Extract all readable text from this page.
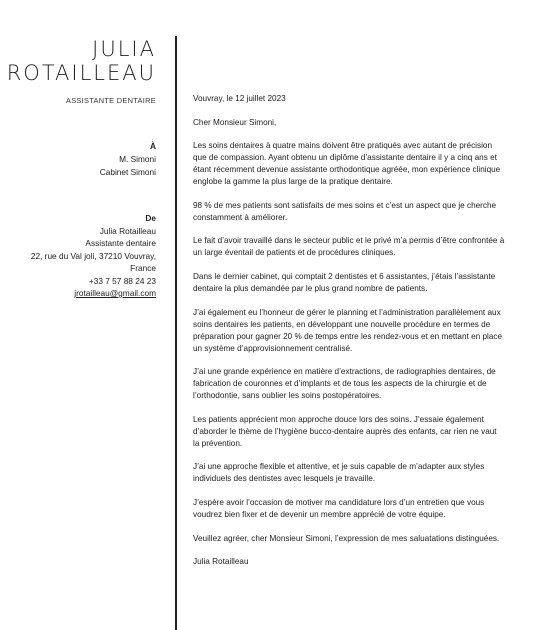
JULIA
ROTAILLEAU
ASSISTANTE DENTAIRE
À
M. Simoni
Cabinet Simoni
De
Julia Rotailleau
Assistante dentaire
22, rue du Val joli, 37210 Vouvray,
France
+33 7 57 88 24 23
jrotailleau@gmail.com

Vouvray, le 12 juillet 2023

Cher Monsieur Simoni,

Les soins dentaires à quatre mains doivent être pratiqués avec autant de précision que de compassion. Ayant obtenu un diplôme d’assistante dentaire il y a cinq ans et étant récemment devenue assistante orthodontique agréée, mon expérience clinique englobe la gamme la plus large de la pratique dentaire.

98 % de mes patients sont satisfaits de mes soins et c’est un aspect que je cherche constamment à améliorer.

Le fait d’avoir travaillé dans le secteur public et le privé m’a permis d’être confrontée à un large éventail de patients et de procédures cliniques.

Dans le dernier cabinet, qui comptait 2 dentistes et 6 assistantes, j’étais l’assistante dentaire la plus demandée par le plus grand nombre de patients.

J’ai également eu l’honneur de gérer le planning et l’administration parallèlement aux soins dentaires les patients, en développant une nouvelle procédure en termes de préparation pour gagner 20 % de temps entre les rendez-vous et en mettant en place un système d’approvisionnement centralisé.

J’ai une grande expérience en matière d’extractions, de radiographies dentaires, de fabrication de couronnes et d’implants et de tous les aspects de la chirurgie et de l’orthodontie, sans oublier les soins postopératoires.

Les patients apprécient mon approche douce lors des soins. J’essaie également d’aborder le thème de l’hygiène bucco-dentaire auprès des enfants, car rien ne vaut la prévention.

J’ai une approche flexible et attentive, et je suis capable de m’adapter aux styles individuels des dentistes avec lesquels je travaille.

J’espère avoir l’occasion de motiver ma candidature lors d’un entretien que vous voudrez bien fixer et de devenir un membre apprécié de votre équipe.

Veuillez agréer, cher Monsieur Simoni, l’expression de mes saluatations distinguées.

Julia Rotailleau
